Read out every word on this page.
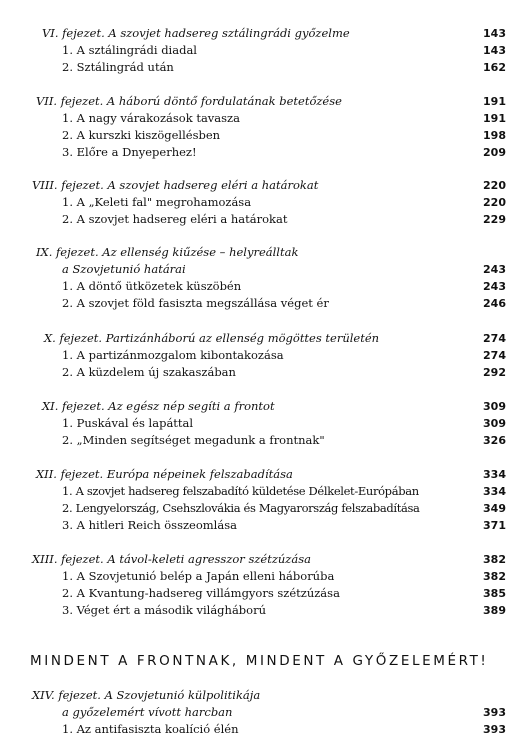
VI. fejezet. A szovjet hadsereg sztálingrádi győzelme	143
1. A sztálingrádi diadal	143
2. Sztálingrád után	162
VII. fejezet. A háború döntő fordulatának betetőzése	191
1. A nagy várakozások tavasza	191
2. A kurszki kiszögellésben	198
3. Előre a Dnyeperhez!	209
VIII. fejezet. A szovjet hadsereg eléri a határokat	220
1. A „Keleti fal" megrohamozása	220
2. A szovjet hadsereg eléri a határokat	229
IX. fejezet. Az ellenség kiűzése – helyreálltak
a Szovjetunió határai	243
1. A döntő ütközetek küszöbén	243
2. A szovjet föld fasiszta megszállása véget ér	246
X. fejezet. Partizánháború az ellenség mögöttes területén	274
1. A partizánmozgalom kibontakozása	274
2. A küzdelem új szakaszában	292
XI. fejezet. Az egész nép segíti a frontot	309
1. Puskával és lapáttal	309
2. „Minden segítséget megadunk a frontnak"	326
XII. fejezet. Európa népeinek felszabadítása	334
1. A szovjet hadsereg felszabadító küldetése Délkelet-Európában	334
2. Lengyelország, Csehszlovákia és Magyarország felszabadítása	349
3. A hitleri Reich összeomlása	371
XIII. fejezet. A távol-keleti agresszor szétzúzása	382
1. A Szovjetunió belép a Japán elleni háborúba	382
2. A Kvantung-hadsereg villámgyors szétzúzása	385
3. Véget ért a második világháború	389
MINDENT A FRONTNAK, MINDENT A GYŐZELEMÉRT!
XIV. fejezet. A Szovjetunió külpolitikája
a győzelemért vívott harcban	393
1. Az antifasiszta koalíció élén	393
